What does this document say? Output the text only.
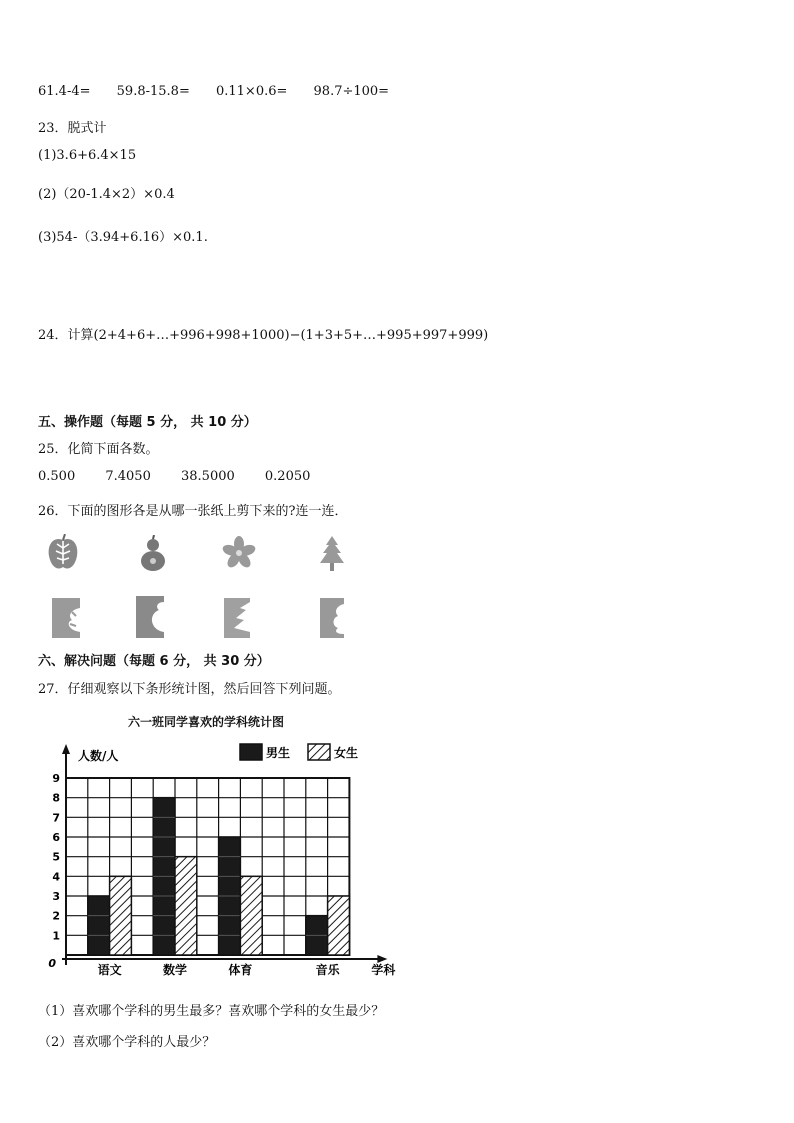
61.4-4= 59.8-15.8= 0.11×0.6= 98.7÷100=
23．脱式计
(1)3.6+6.4×15
(2)（20-1.4×2）×0.4
(3)54-（3.94+6.16）×0.1.
24．计算(2+4+6+…+996+998+1000)−(1+3+5+…+995+997+999)
五、操作题（每题 5 分， 共 10 分）
25．化简下面各数。
0.500 7.4050 38.5000 0.2050
26．下面的图形各是从哪一张纸上剪下来的?连一连．
六、解决问题（每题 6 分， 共 30 分）
27．仔细观察以下条形统计图，然后回答下列问题。
六一班同学喜欢的学科统计图
语文	数学	体育	音乐
1
2
3
4
5
6
7
8
9
0
人数/人
学科
男生	女生
（1）喜欢哪个学科的男生最多？喜欢哪个学科的女生最少？
（2）喜欢哪个学科的人最少？
